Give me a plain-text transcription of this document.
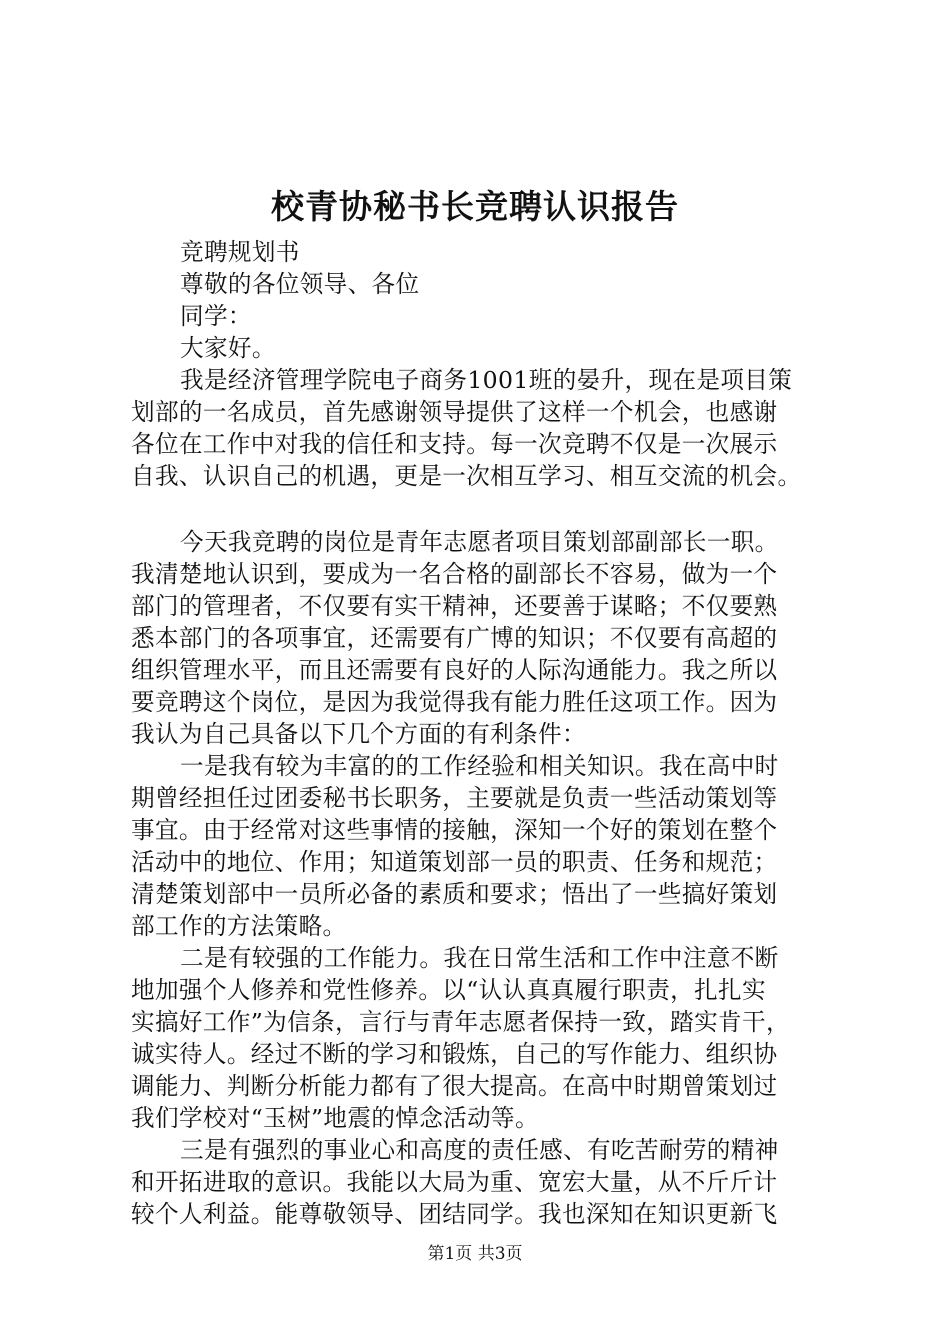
校青协秘书长竞聘认识报告
竞聘规划书
尊敬的各位领导、各位
同学：
大家好。
我是经济管理学院电子商务1001班的晏升，现在是项目策
划部的一名成员，首先感谢领导提供了这样一个机会，也感谢
各位在工作中对我的信任和支持。每一次竞聘不仅是一次展示
自我、认识自己的机遇，更是一次相互学习、相互交流的机会。
今天我竞聘的岗位是青年志愿者项目策划部副部长一职。
我清楚地认识到，要成为一名合格的副部长不容易，做为一个
部门的管理者，不仅要有实干精神，还要善于谋略；不仅要熟
悉本部门的各项事宜，还需要有广博的知识；不仅要有高超的
组织管理水平，而且还需要有良好的人际沟通能力。我之所以
要竞聘这个岗位，是因为我觉得我有能力胜任这项工作。因为
我认为自己具备以下几个方面的有利条件：
一是我有较为丰富的的工作经验和相关知识。我在高中时
期曾经担任过团委秘书长职务，主要就是负责一些活动策划等
事宜。由于经常对这些事情的接触，深知一个好的策划在整个
活动中的地位、作用；知道策划部一员的职责、任务和规范；
清楚策划部中一员所必备的素质和要求；悟出了一些搞好策划
部工作的方法策略。
二是有较强的工作能力。我在日常生活和工作中注意不断
地加强个人修养和党性修养。以“认认真真履行职责，扎扎实
实搞好工作”为信条，言行与青年志愿者保持一致，踏实肯干，
诚实待人。经过不断的学习和锻炼，自己的写作能力、组织协
调能力、判断分析能力都有了很大提高。在高中时期曾策划过
我们学校对“玉树”地震的悼念活动等。
三是有强烈的事业心和高度的责任感、有吃苦耐劳的精神
和开拓进取的意识。我能以大局为重、宽宏大量，从不斤斤计
较个人利益。能尊敬领导、团结同学。我也深知在知识更新飞
第1页 共3页
